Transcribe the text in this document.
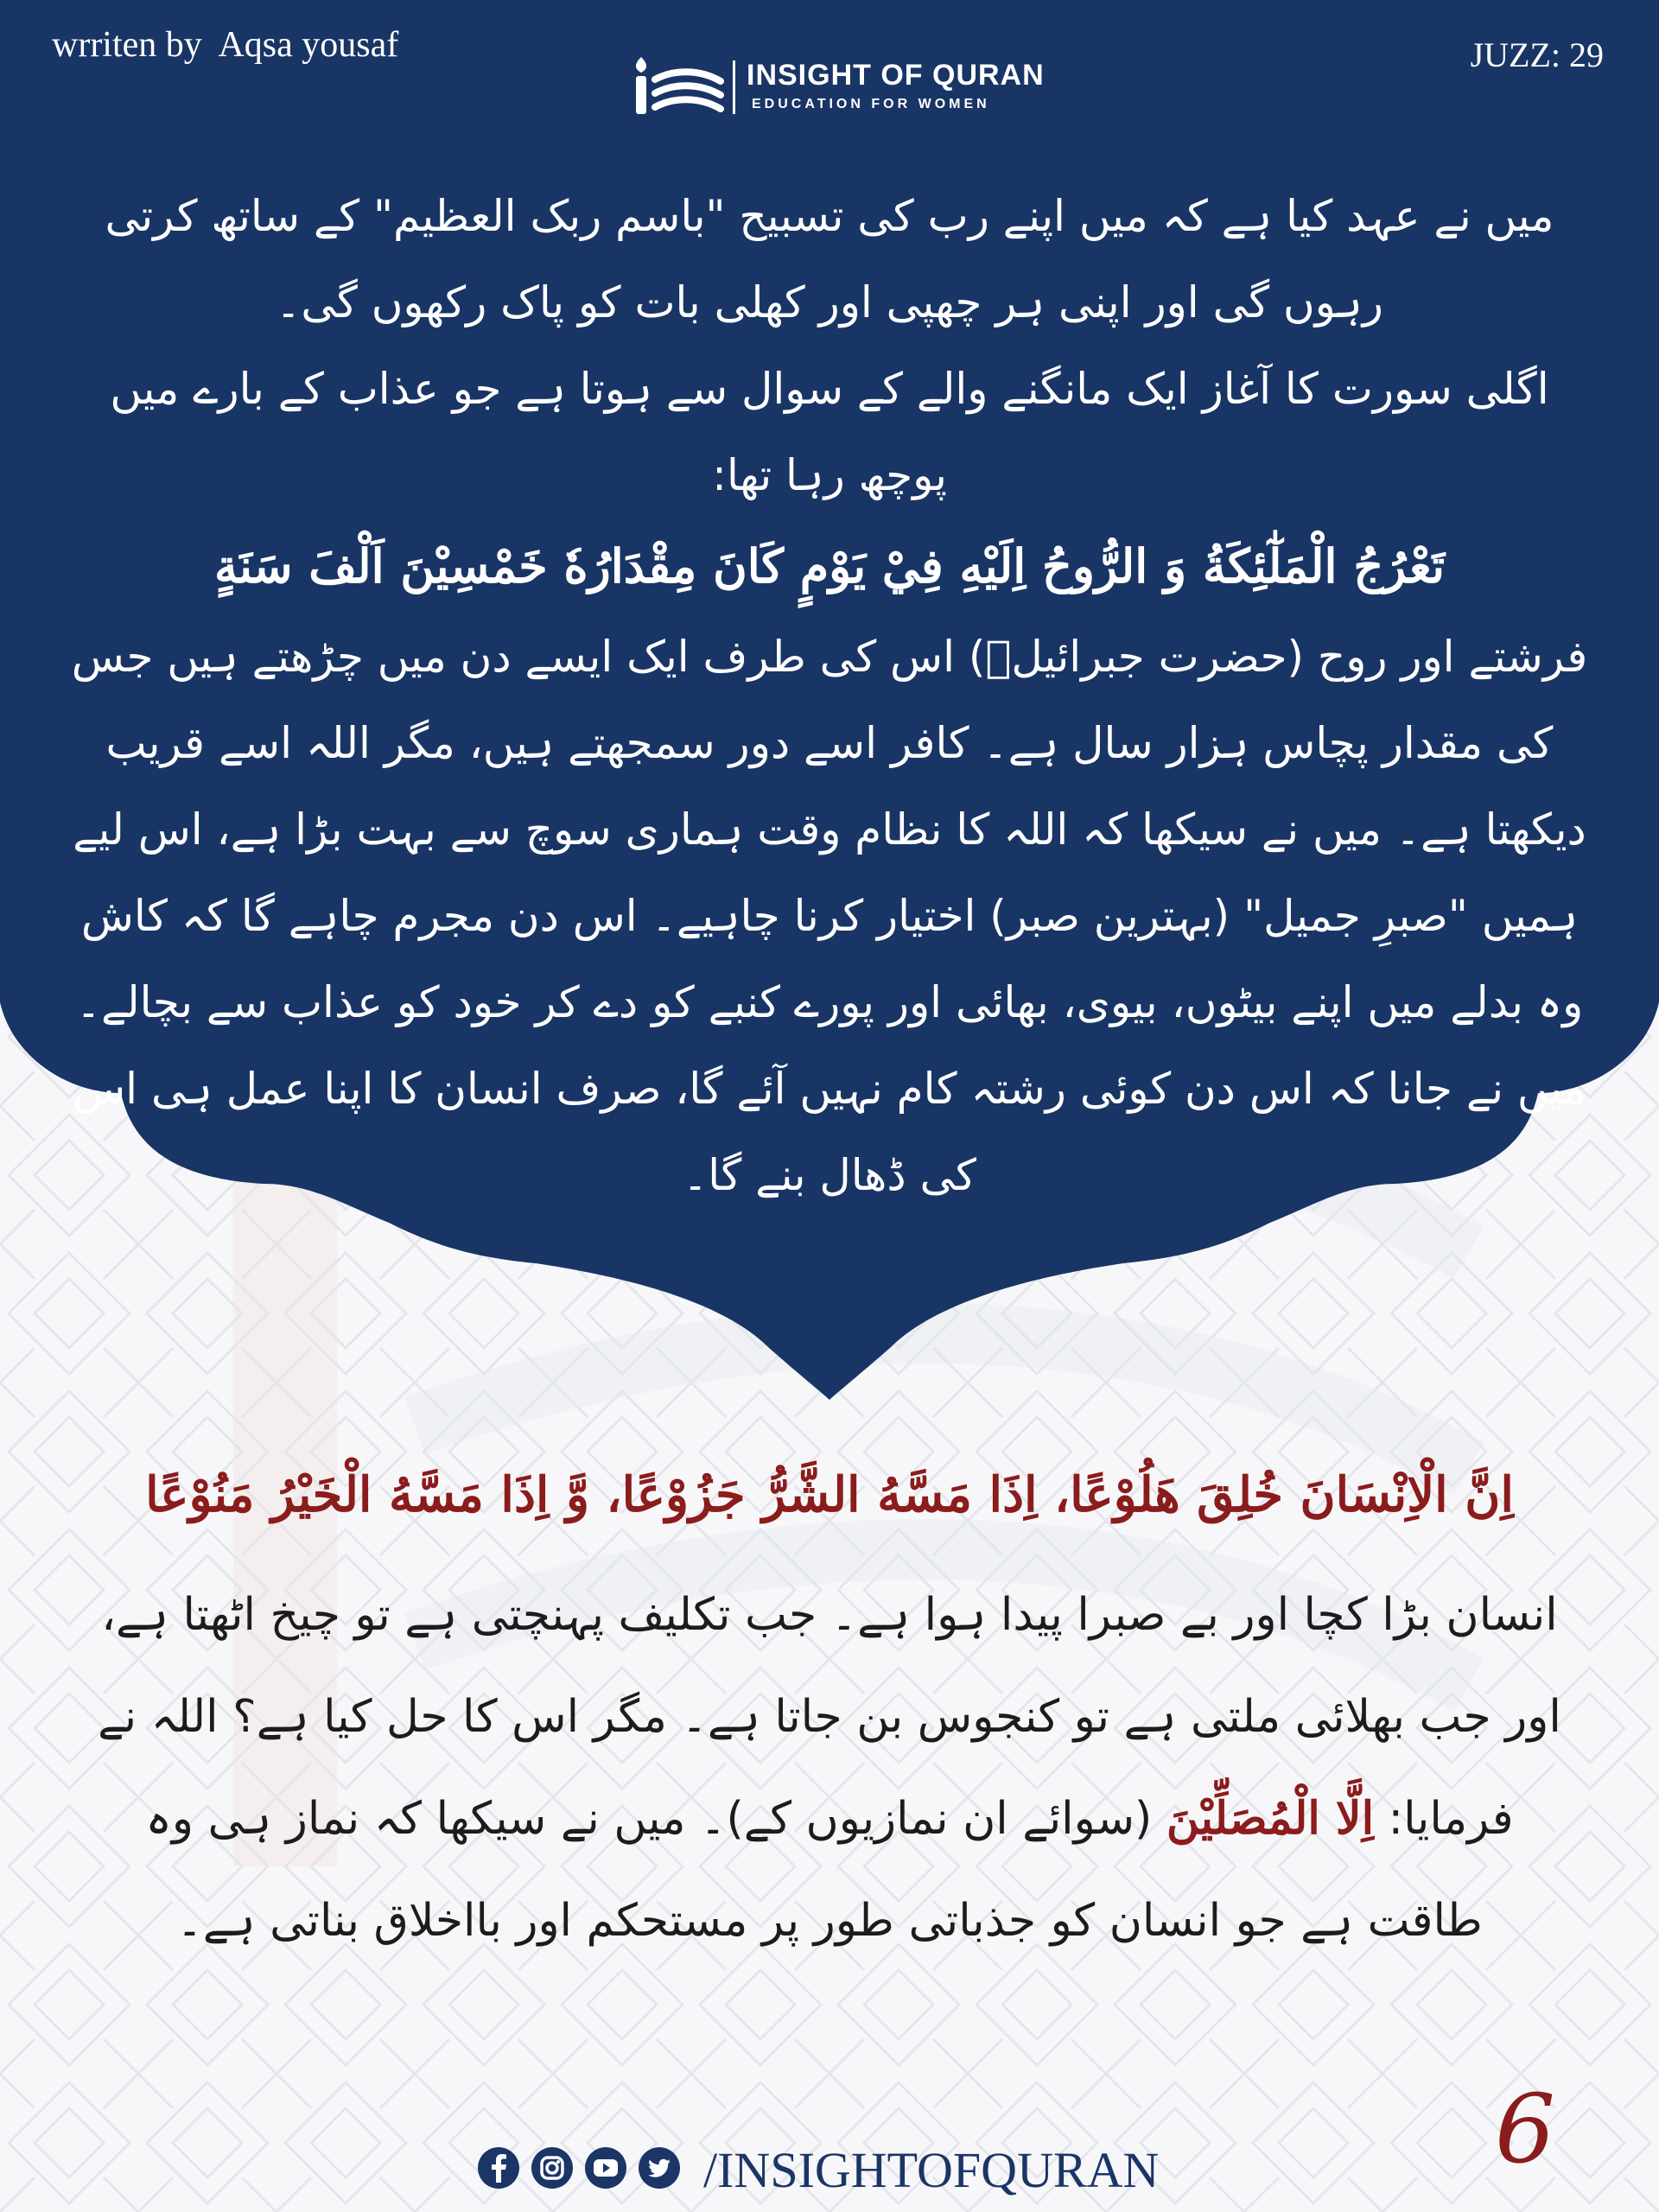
wrriten by  Aqsa yousaf	JUZZ: 29
INSIGHT OF QURAN
EDUCATION FOR WOMEN

میں نے عہد کیا ہے کہ میں اپنے رب کی تسبیح "باسم ربک العظیم" کے ساتھ کرتی رہوں گی اور اپنی ہر چھپی اور کھلی بات کو پاک رکھوں گی۔

اگلی سورت کا آغاز ایک مانگنے والے کے سوال سے ہوتا ہے جو عذاب کے بارے میں پوچھ رہا تھا:

تَعْرُجُ الْمَلٰٓئِكَةُ وَ الرُّوحُ اِلَيْهِ فِيْ يَوْمٍ كَانَ مِقْدَارُهٗ خَمْسِيْنَ اَلْفَ سَنَةٍ

فرشتے اور روح (حضرت جبرائیلؑ) اس کی طرف ایک ایسے دن میں چڑھتے ہیں جس کی مقدار پچاس ہزار سال ہے۔ کافر اسے دور سمجھتے ہیں، مگر اللہ اسے قریب دیکھتا ہے۔ میں نے سیکھا کہ اللہ کا نظام وقت ہماری سوچ سے بہت بڑا ہے، اس لیے ہمیں "صبرِ جمیل" (بہترین صبر) اختیار کرنا چاہیے۔ اس دن مجرم چاہے گا کہ کاش وہ بدلے میں اپنے بیٹوں، بیوی، بھائی اور پورے کنبے کو دے کر خود کو عذاب سے بچالے۔ میں نے جانا کہ اس دن کوئی رشتہ کام نہیں آئے گا، صرف انسان کا اپنا عمل ہی اس کی ڈھال بنے گا۔

اِنَّ الْاِنْسَانَ خُلِقَ هَلُوْعًا، اِذَا مَسَّهُ الشَّرُّ جَزُوْعًا، وَّ اِذَا مَسَّهُ الْخَيْرُ مَنُوْعًا

انسان بڑا کچا اور بے صبرا پیدا ہوا ہے۔ جب تکلیف پہنچتی ہے تو چیخ اٹھتا ہے، اور جب بھلائی ملتی ہے تو کنجوس بن جاتا ہے۔ مگر اس کا حل کیا ہے؟ اللہ نے فرمایا: اِلَّا الْمُصَلِّيْنَ (سوائے ان نمازیوں کے)۔ میں نے سیکھا کہ نماز ہی وہ طاقت ہے جو انسان کو جذباتی طور پر مستحکم اور بااخلاق بناتی ہے۔

6
/INSIGHTOFQURAN
